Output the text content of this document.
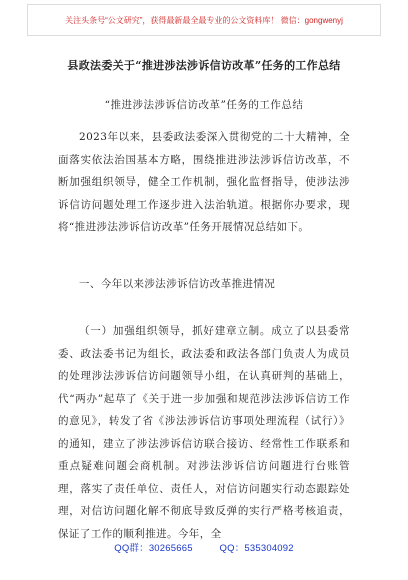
关注头条号“公文研究”，获得最新最全最专业的公文资料库！ 微信：gongwenyj
县政法委关于“推进涉法涉诉信访改革”任务的工作总结
“推进涉法涉诉信访改革”任务的工作总结
2023年以来，县委政法委深入贯彻党的二十大精神，全面落实依法治国基本方略，围绕推进涉法涉诉信访改革，不断加强组织领导，健全工作机制，强化监督指导，使涉法涉诉信访问题处理工作逐步进入法治轨道。根据你办要求，现将“推进涉法涉诉信访改革”任务开展情况总结如下。
一、今年以来涉法涉诉信访改革推进情况
（一）加强组织领导，抓好建章立制。成立了以县委常委、政法委书记为组长，政法委和政法各部门负责人为成员的处理涉法涉诉信访问题领导小组，在认真研判的基础上，代“两办”起草了《关于进一步加强和规范涉法涉诉信访工作的意见》，转发了省《涉法涉诉信访事项处理流程（试行）》的通知，建立了涉法涉诉信访联合接访、经常性工作联系和重点疑难问题会商机制。对涉法涉诉信访问题进行台账管理，落实了责任单位、责任人，对信访问题实行动态跟踪处理，对信访问题化解不彻底导致反弹的实行严格考核追责，保证了工作的顺利推进。今年，全
QQ群：30265665	QQ：535304092
